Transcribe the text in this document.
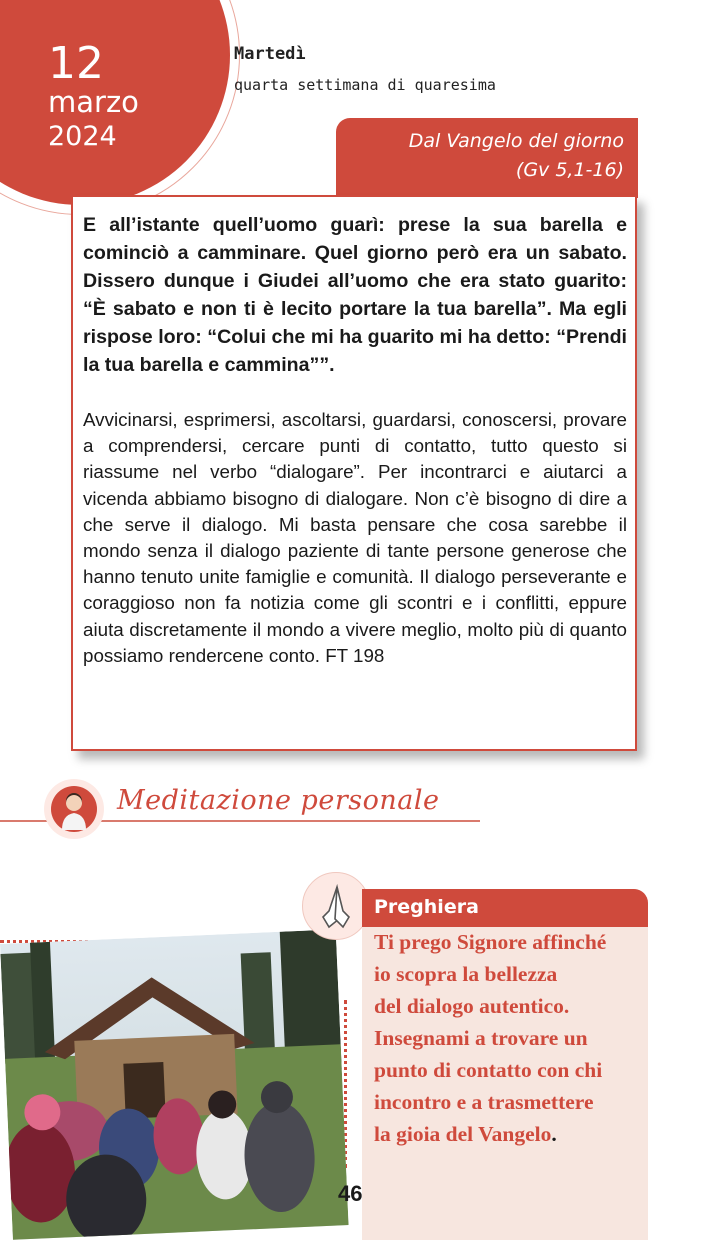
12
marzo
2024
Martedì
quarta settimana di quaresima
Dal Vangelo del giorno
(Gv 5,1-16)

E all’istante quell’uomo guarì: prese la sua barella e cominciò a camminare. Quel giorno però era un sabato. Dissero dunque i Giudei all’uomo che era stato guarito: “È sabato e non ti è lecito portare la tua barella”. Ma egli rispose loro: “Colui che mi ha guarito mi ha detto: “Prendi la tua barella e cammina””.

Avvicinarsi, esprimersi, ascoltarsi, guardarsi, conoscersi, provare a comprendersi, cercare punti di contatto, tutto questo si riassume nel verbo “dialogare”. Per incontrarci e aiutarci a vicenda abbiamo bisogno di dialogare. Non c’è bisogno di dire a che serve il dialogo. Mi basta pensare che cosa sarebbe il mondo senza il dialogo paziente di tante persone generose che hanno tenuto unite famiglie e comunità. Il dialogo perseverante e coraggioso non fa notizia come gli scontri e i conflitti, eppure aiuta discretamente il mondo a vivere meglio, molto più di quanto possiamo rendercene conto. FT 198

Meditazione personale
Preghiera
Ti prego Signore affinché
io scopra la bellezza
del dialogo autentico.
Insegnami a trovare un
punto di contatto con chi
incontro e a trasmettere
la gioia del Vangelo.
46
